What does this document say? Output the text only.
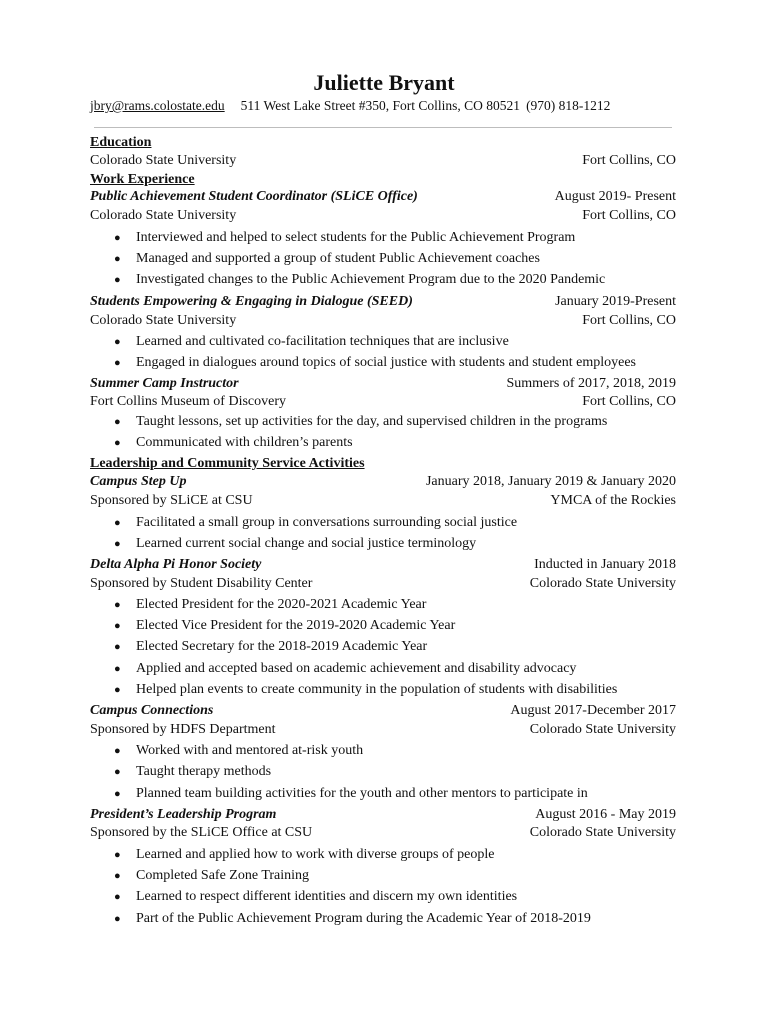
Juliette Bryant
jbry@rams.colostate.edu 511 West Lake Street #350, Fort Collins, CO 80521 (970) 818-1212
Education
Colorado State University	Fort Collins, CO
Work Experience
Public Achievement Student Coordinator (SLiCE Office)	August 2019- Present
Colorado State University	Fort Collins, CO
● Interviewed and helped to select students for the Public Achievement Program
● Managed and supported a group of student Public Achievement coaches
● Investigated changes to the Public Achievement Program due to the 2020 Pandemic
Students Empowering & Engaging in Dialogue (SEED)	January 2019-Present
Colorado State University	Fort Collins, CO
● Learned and cultivated co-facilitation techniques that are inclusive
● Engaged in dialogues around topics of social justice with students and student employees
Summer Camp Instructor	Summers of 2017, 2018, 2019
Fort Collins Museum of Discovery	Fort Collins, CO
● Taught lessons, set up activities for the day, and supervised children in the programs
● Communicated with children’s parents
Leadership and Community Service Activities
Campus Step Up	January 2018, January 2019 & January 2020
Sponsored by SLiCE at CSU	YMCA of the Rockies
● Facilitated a small group in conversations surrounding social justice
● Learned current social change and social justice terminology
Delta Alpha Pi Honor Society	Inducted in January 2018
Sponsored by Student Disability Center	Colorado State University
● Elected President for the 2020-2021 Academic Year
● Elected Vice President for the 2019-2020 Academic Year
● Elected Secretary for the 2018-2019 Academic Year
● Applied and accepted based on academic achievement and disability advocacy
● Helped plan events to create community in the population of students with disabilities
Campus Connections	August 2017-December 2017
Sponsored by HDFS Department	Colorado State University
● Worked with and mentored at-risk youth
● Taught therapy methods
● Planned team building activities for the youth and other mentors to participate in
President’s Leadership Program	August 2016 - May 2019
Sponsored by the SLiCE Office at CSU	Colorado State University
● Learned and applied how to work with diverse groups of people
● Completed Safe Zone Training
● Learned to respect different identities and discern my own identities
● Part of the Public Achievement Program during the Academic Year of 2018-2019
